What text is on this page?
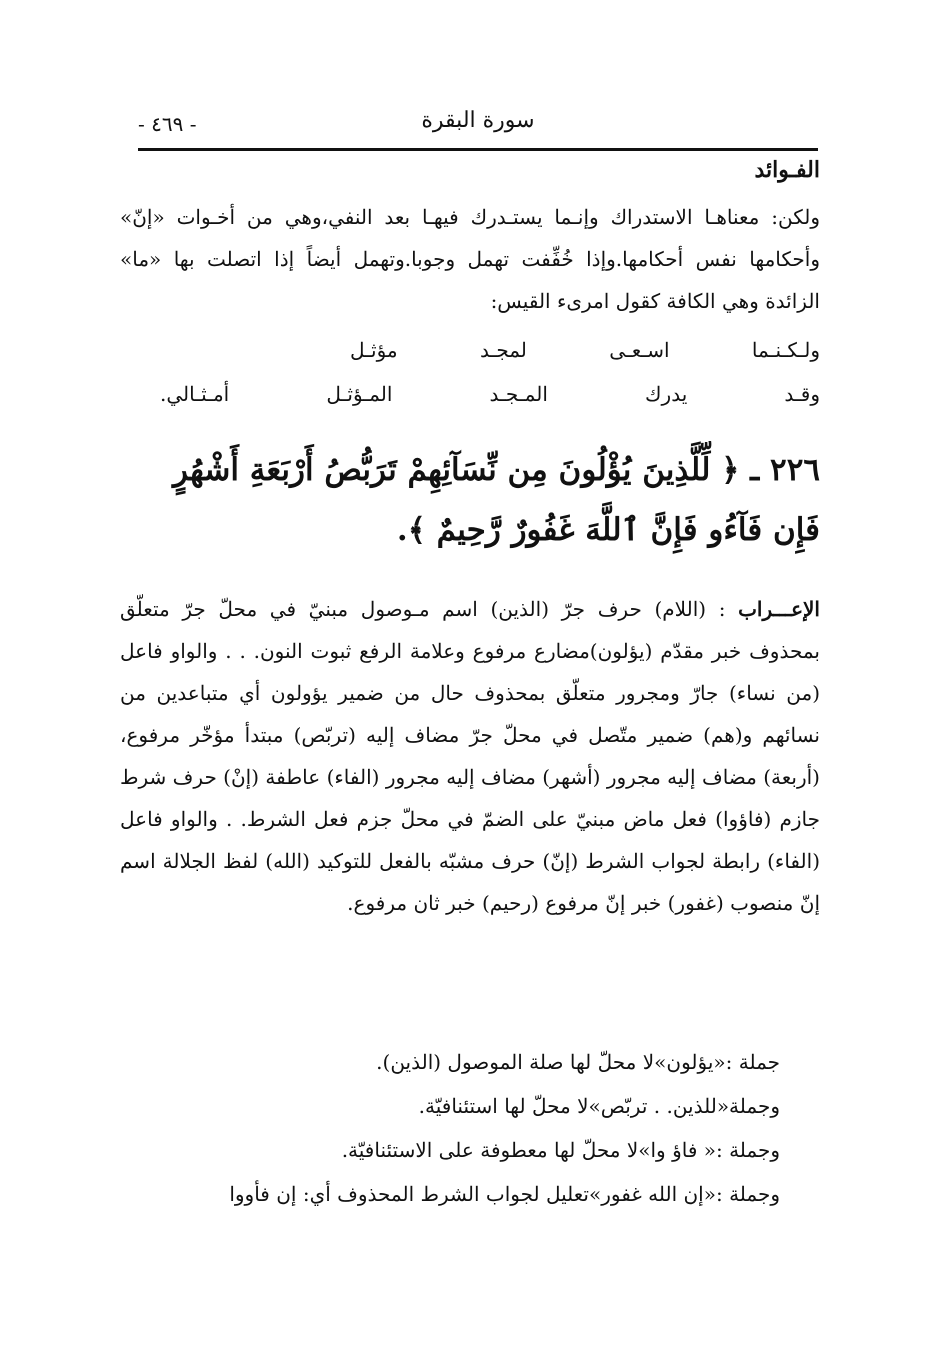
سورة البقرة
- ٤٦٩ -
الفـوائد
ولكن: معناهـا الاستدراك وإنـما يستـدرك فيهـا بعد النفي،وهي من أخـوات «إنّ» وأحكامها نفس أحكامها.وإذا خُفِّفت تهمل وجوبا.وتهمل أيضاً إذا اتصلت بها «ما» الزائدة وهي الكافة كقول امرىء القيس:
ولـكـنـما
اسـعـى
لمجـد
مؤثـل
وقـد
يدرك
المـجـد
المـؤثـل
أمـثـالي.
٢٢٦ ـ ﴿ لِّلَّذِينَ يُؤْلُونَ مِن نِّسَآئِهِمْ تَرَبُّصُ أَرْبَعَةِ أَشْهُرٍ فَإِن فَآءُو فَإِنَّ ٱللَّهَ غَفُورٌ رَّحِيمٌ ﴾.
الإعـــراب : (اللام) حرف جرّ (الذين) اسم مـوصول مبنيّ في محلّ جرّ متعلّق بمحذوف خبر مقدّم (يؤلون)مضارع مرفوع وعلامة الرفع ثبوت النون. . . والواو فاعل (من نساء) جارّ ومجرور متعلّق بمحذوف حال من ضمير يؤولون أي متباعدين من نسائهم و(هم) ضمير متّصل في محلّ جرّ مضاف إليه (تربّص) مبتدأ مؤخّر مرفوع، (أربعة) مضاف إليه مجرور (أشهر) مضاف إليه مجرور (الفاء) عاطفة (إنْ) حرف شرط جازم (فاؤوا) فعل ماض مبنيّ على الضمّ في محلّ جزم فعل الشرط. . والواو فاعل (الفاء) رابطة لجواب الشرط (إنّ) حرف مشبّه بالفعل للتوكيد (الله) لفظ الجلالة اسم إنّ منصوب (غفور) خبر إنّ مرفوع (رحيم) خبر ثان مرفوع.
جملة :«يؤلون»لا محلّ لها صلة الموصول (الذين).
وجملة«للذين. . تربّص»لا محلّ لها استئنافيّة.
وجملة :« فاؤ وا»لا محلّ لها معطوفة على الاستئنافيّة.
وجملة :«إن الله غفور»تعليل لجواب الشرط المحذوف أي: إن فأووا
